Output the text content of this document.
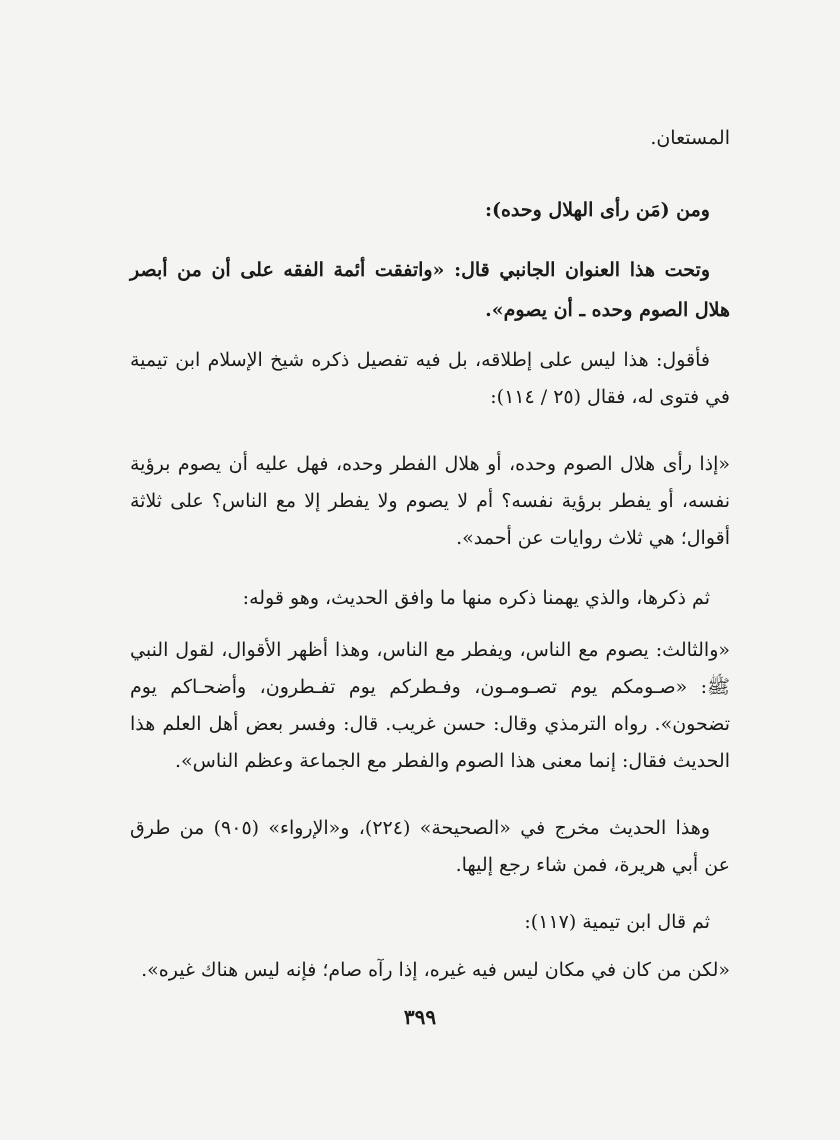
المستعان.

ومن (مَن رأى الهلال وحده):

وتحت هذا العنوان الجانبي قال: «واتفقت أئمة الفقه على أن من أبصر هلال الصوم وحده ـ أن يصوم».

فأقول: هذا ليس على إطلاقه، بل فيه تفصيل ذكره شيخ الإسلام ابن تيمية في فتوى له، فقال (٢٥ / ١١٤):

«إذا رأى هلال الصوم وحده، أو هلال الفطر وحده، فهل عليه أن يصوم برؤية نفسه، أو يفطر برؤية نفسه؟ أم لا يصوم ولا يفطر إلا مع الناس؟ على ثلاثة أقوال؛ هي ثلاث روايات عن أحمد».

ثم ذكرها، والذي يهمنا ذكره منها ما وافق الحديث، وهو قوله:

«والثالث: يصوم مع الناس، ويفطر مع الناس، وهذا أظهر الأقوال، لقول النبي ﷺ: «صـومكم يوم تصـومـون، وفـطركم يوم تفـطرون، وأضحـاكم يوم تضحون». رواه الترمذي وقال: حسن غريب. قال: وفسر بعض أهل العلم هذا الحديث فقال: إنما معنى هذا الصوم والفطر مع الجماعة وعظم الناس».

وهذا الحديث مخرج في «الصحيحة» (٢٢٤)، و«الإرواء» (٩٠٥) من طرق عن أبي هريرة، فمن شاء رجع إليها.

ثم قال ابن تيمية (١١٧):

«لكن من كان في مكان ليس فيه غيره، إذا رآه صام؛ فإنه ليس هناك غيره».

٣٩٩
